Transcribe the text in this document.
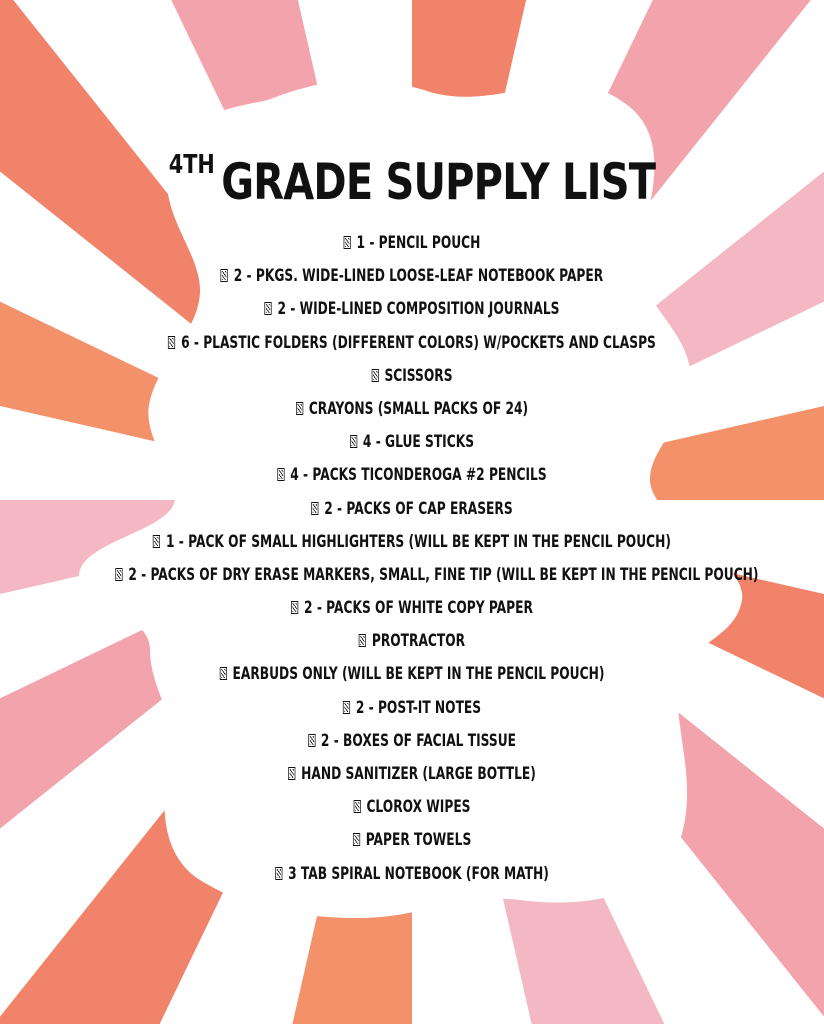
4TH GRADE SUPPLY LIST
1 - PENCIL POUCH
2 - PKGS. WIDE-LINED LOOSE-LEAF NOTEBOOK PAPER
2 - WIDE-LINED COMPOSITION JOURNALS
6 - PLASTIC FOLDERS (DIFFERENT COLORS) W/POCKETS AND CLASPS
SCISSORS
CRAYONS (SMALL PACKS OF 24)
4 - GLUE STICKS
4 - PACKS TICONDEROGA #2 PENCILS
2 - PACKS OF CAP ERASERS
1 - PACK OF SMALL HIGHLIGHTERS (WILL BE KEPT IN THE PENCIL POUCH)
2 - PACKS OF DRY ERASE MARKERS, SMALL, FINE TIP (WILL BE KEPT IN THE PENCIL POUCH)
2 - PACKS OF WHITE COPY PAPER
PROTRACTOR
EARBUDS ONLY (WILL BE KEPT IN THE PENCIL POUCH)
2 - POST-IT NOTES
2 - BOXES OF FACIAL TISSUE
HAND SANITIZER (LARGE BOTTLE)
CLOROX WIPES
PAPER TOWELS
3 TAB SPIRAL NOTEBOOK (FOR MATH)
